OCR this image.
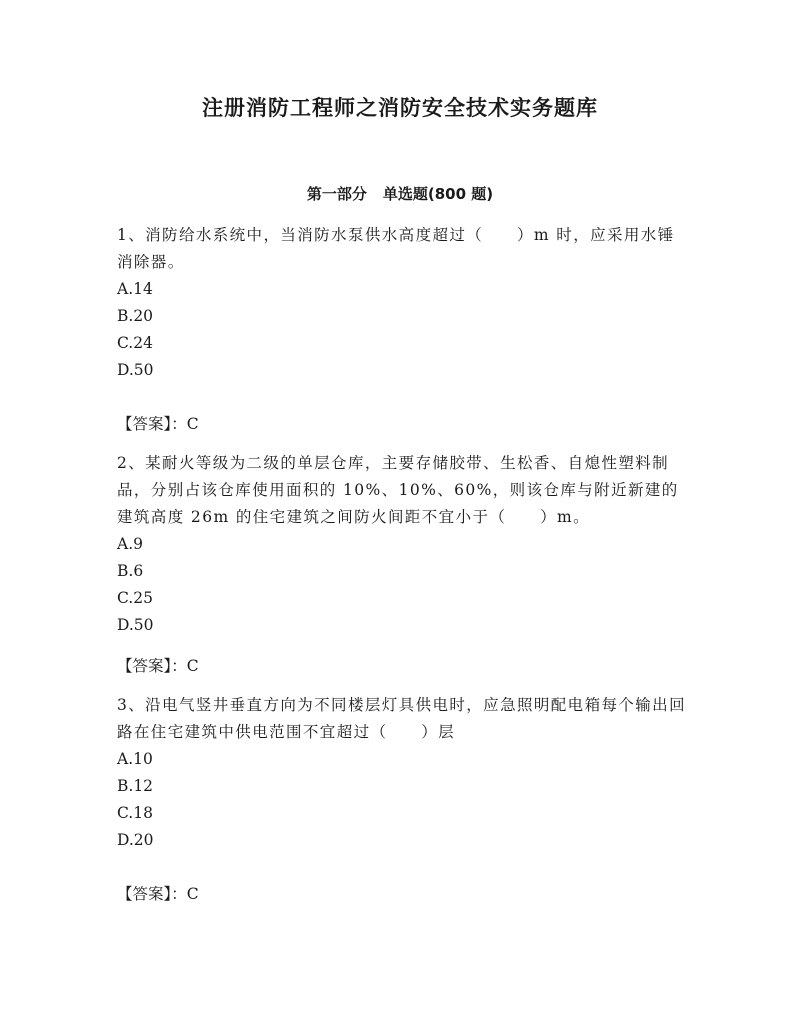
注册消防工程师之消防安全技术实务题库
第一部分 单选题(800 题)

1、消防给水系统中，当消防水泵供水高度超过（　　）m 时，应采用水锤消除器。

A.14

B.20

C.24

D.50

【答案】：C

2、某耐火等级为二级的单层仓库，主要存储胶带、生松香、自熄性塑料制品，分别占该仓库使用面积的 10%、10%、60%，则该仓库与附近新建的建筑高度 26m 的住宅建筑之间防火间距不宜小于（　　）m。

A.9

B.6

C.25

D.50

【答案】：C

3、沿电气竖井垂直方向为不同楼层灯具供电时，应急照明配电箱每个输出回路在住宅建筑中供电范围不宜超过（　　）层

A.10

B.12

C.18

D.20

【答案】：C
